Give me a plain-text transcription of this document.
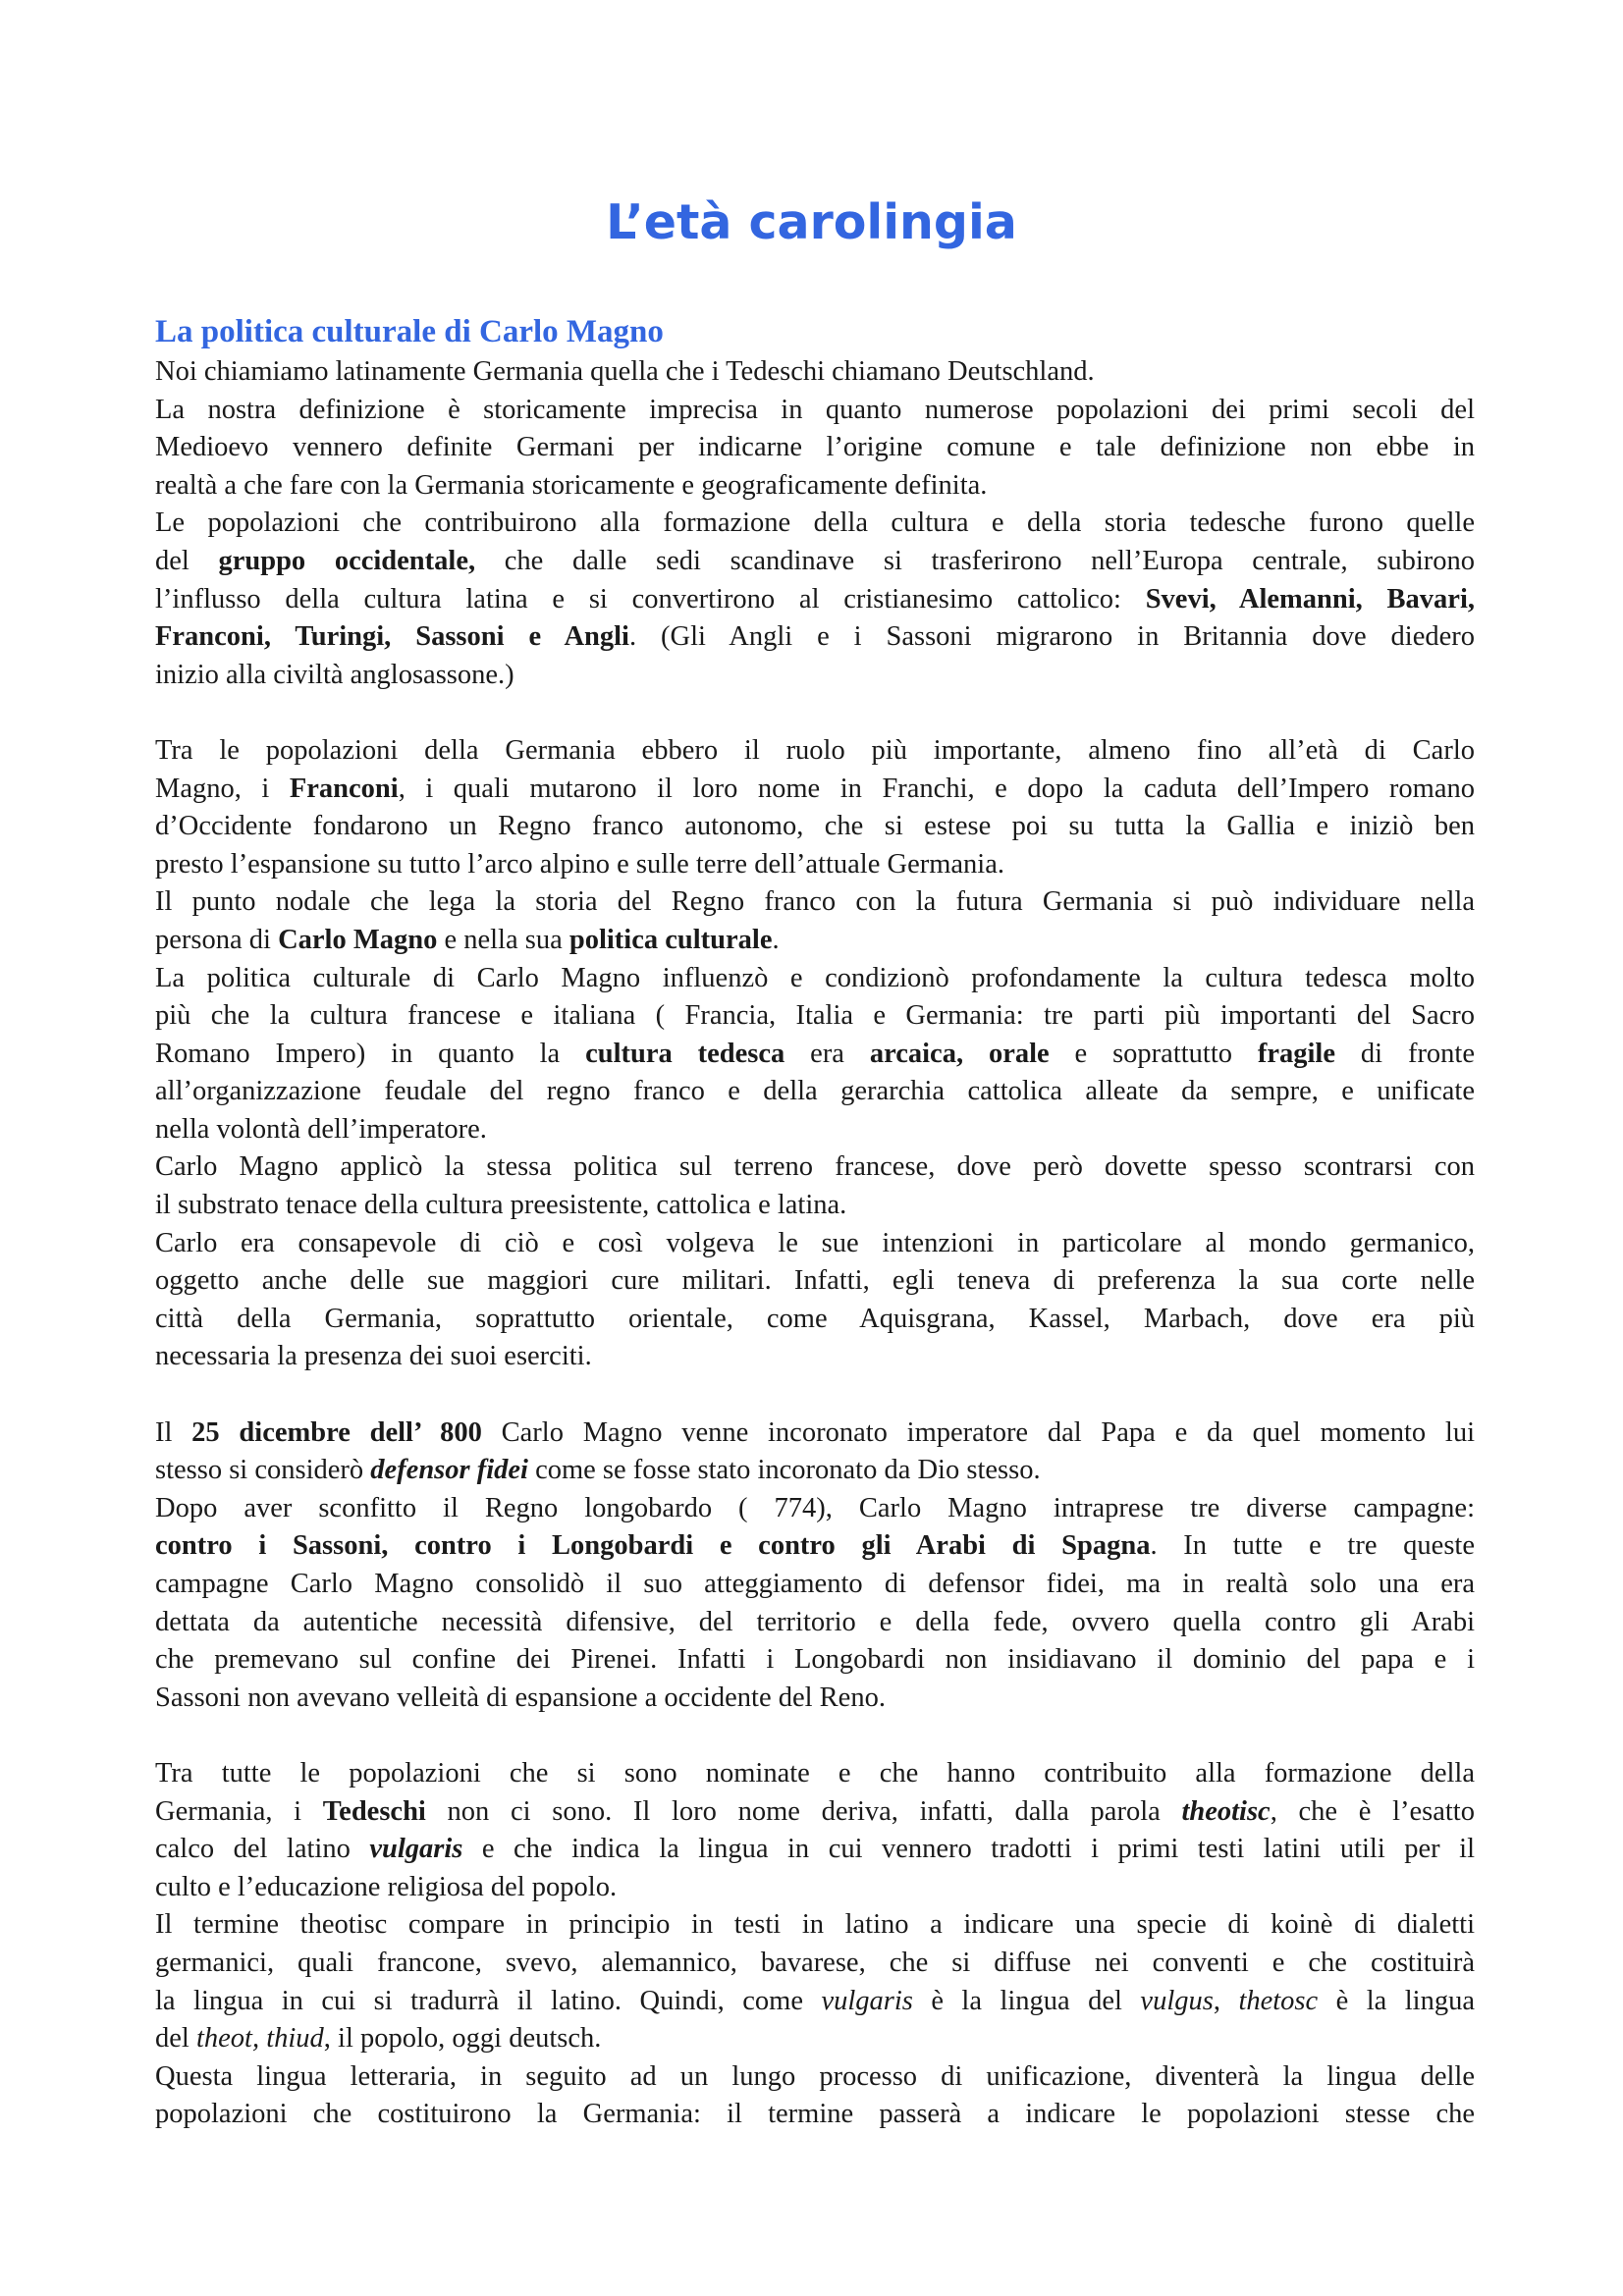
L’età carolingia
La politica culturale di Carlo Magno

Noi chiamiamo latinamente Germania quella che i Tedeschi chiamano Deutschland.

La nostra definizione è storicamente imprecisa in quanto numerose popolazioni dei primi secoli del

Medioevo vennero definite Germani per indicarne l’origine comune e tale definizione non ebbe in

realtà a che fare con la Germania storicamente e geograficamente definita.

Le popolazioni che contribuirono alla formazione della cultura e della storia tedesche furono quelle

del gruppo occidentale, che dalle sedi scandinave si trasferirono nell’Europa centrale, subirono

l’influsso della cultura latina e si convertirono al cristianesimo cattolico: Svevi, Alemanni, Bavari,

Franconi, Turingi, Sassoni e Angli. (Gli Angli e i Sassoni migrarono in Britannia dove diedero

inizio alla civiltà anglosassone.)

Tra le popolazioni della Germania ebbero il ruolo più importante, almeno fino all’età di Carlo

Magno, i Franconi, i quali mutarono il loro nome in Franchi, e dopo la caduta dell’Impero romano

d’Occidente fondarono un Regno franco autonomo, che si estese poi su tutta la Gallia e iniziò ben

presto l’espansione su tutto l’arco alpino e sulle terre dell’attuale Germania.

Il punto nodale che lega la storia del Regno franco con la futura Germania si può individuare nella

persona di Carlo Magno e nella sua politica culturale.

La politica culturale di Carlo Magno influenzò e condizionò profondamente la cultura tedesca molto

più che la cultura francese e italiana ( Francia, Italia e Germania: tre parti più importanti del Sacro

Romano Impero) in quanto la cultura tedesca era arcaica, orale e soprattutto fragile di fronte

all’organizzazione feudale del regno franco e della gerarchia cattolica alleate da sempre, e unificate

nella volontà dell’imperatore.

Carlo Magno applicò la stessa politica sul terreno francese, dove però dovette spesso scontrarsi con

il substrato tenace della cultura preesistente, cattolica e latina.

Carlo era consapevole di ciò e così volgeva le sue intenzioni in particolare al mondo germanico,

oggetto anche delle sue maggiori cure militari. Infatti, egli teneva di preferenza la sua corte nelle

città della Germania, soprattutto orientale, come Aquisgrana, Kassel, Marbach, dove era più

necessaria la presenza dei suoi eserciti.

Il 25 dicembre dell’ 800 Carlo Magno venne incoronato imperatore dal Papa e da quel momento lui

stesso si considerò defensor fidei come se fosse stato incoronato da Dio stesso.

Dopo aver sconfitto il Regno longobardo ( 774), Carlo Magno intraprese tre diverse campagne:

contro i Sassoni, contro i Longobardi e contro gli Arabi di Spagna. In tutte e tre queste

campagne Carlo Magno consolidò il suo atteggiamento di defensor fidei, ma in realtà solo una era

dettata da autentiche necessità difensive, del territorio e della fede, ovvero quella contro gli Arabi

che premevano sul confine dei Pirenei. Infatti i Longobardi non insidiavano il dominio del papa e i

Sassoni non avevano velleità di espansione a occidente del Reno.

Tra tutte le popolazioni che si sono nominate e che hanno contribuito alla formazione della

Germania, i Tedeschi non ci sono. Il loro nome deriva, infatti, dalla parola theotisc, che è l’esatto

calco del latino vulgaris e che indica la lingua in cui vennero tradotti i primi testi latini utili per il

culto e l’educazione religiosa del popolo.

Il termine theotisc compare in principio in testi in latino a indicare una specie di koinè di dialetti

germanici, quali francone, svevo, alemannico, bavarese, che si diffuse nei conventi e che costituirà

la lingua in cui si tradurrà il latino. Quindi, come vulgaris è la lingua del vulgus, thetosc è la lingua

del theot, thiud, il popolo, oggi deutsch.

Questa lingua letteraria, in seguito ad un lungo processo di unificazione, diventerà la lingua delle

popolazioni che costituirono la Germania: il termine passerà a indicare le popolazioni stesse che
